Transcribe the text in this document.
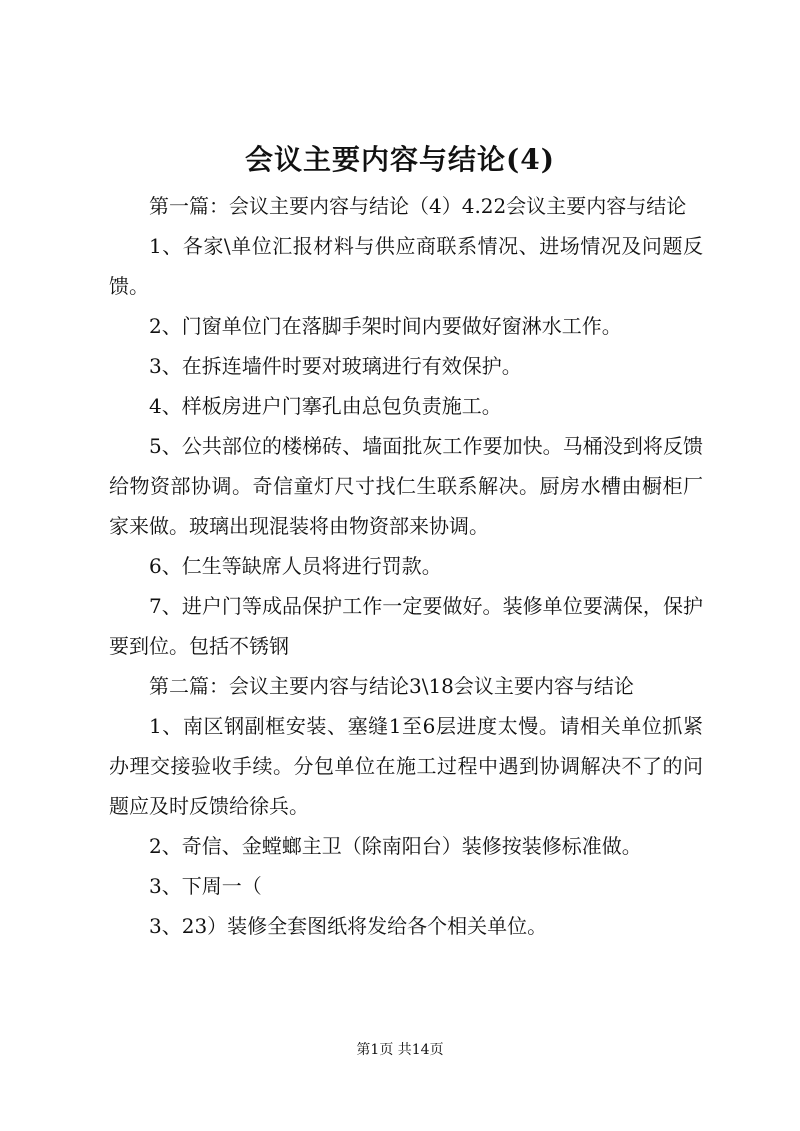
会议主要内容与结论(4)

第一篇：会议主要内容与结论（4）4.22会议主要内容与结论

1、各家\单位汇报材料与供应商联系情况、进场情况及问题反馈。

2、门窗单位门在落脚手架时间内要做好窗淋水工作。

3、在拆连墙件时要对玻璃进行有效保护。

4、样板房进户门搴孔由总包负责施工。

5、公共部位的楼梯砖、墙面批灰工作要加快。马桶没到将反馈给物资部协调。奇信童灯尺寸找仁生联系解决。厨房水槽由橱柜厂家来做。玻璃出现混装将由物资部来协调。

6、仁生等缺席人员将进行罚款。

7、进户门等成品保护工作一定要做好。装修单位要满保，保护要到位。包括不锈钢

第二篇：会议主要内容与结论3\18会议主要内容与结论

1、南区钢副框安装、塞缝1至6层进度太慢。请相关单位抓紧办理交接验收手续。分包单位在施工过程中遇到协调解决不了的问题应及时反馈给徐兵。

2、奇信、金螳螂主卫（除南阳台）装修按装修标准做。

3、下周一（

3、23）装修全套图纸将发给各个相关单位。

第1页 共14页
